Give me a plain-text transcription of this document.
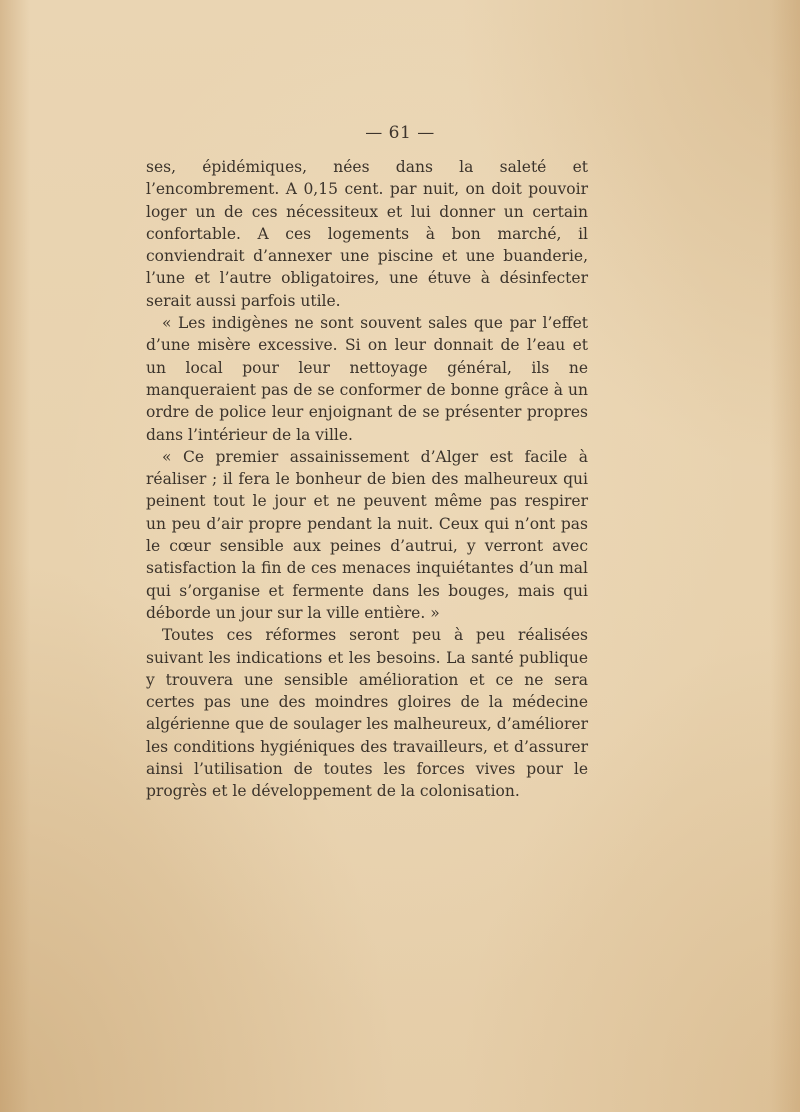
— 61 —

ses, épidémiques, nées dans la saleté et l’encombrement. A 0,15 cent. par nuit, on doit pouvoir loger un de ces nécessiteux et lui donner un certain confortable. A ces logements à bon marché, il conviendrait d’annexer une piscine et une buanderie, l’une et l’autre obligatoires, une étuve à désinfecter serait aussi parfois utile.

« Les indigènes ne sont souvent sales que par l’effet d’une misère excessive. Si on leur donnait de l’eau et un local pour leur nettoyage général, ils ne manqueraient pas de se conformer de bonne grâce à un ordre de police leur enjoignant de se présenter propres dans l’intérieur de la ville.

« Ce premier assainissement d’Alger est facile à réaliser ; il fera le bonheur de bien des malheureux qui peinent tout le jour et ne peuvent même pas respirer un peu d’air propre pendant la nuit. Ceux qui n’ont pas le cœur sensible aux peines d’autrui, y verront avec satisfaction la fin de ces menaces inquiétantes d’un mal qui s’organise et fermente dans les bouges, mais qui déborde un jour sur la ville entière. »

Toutes ces réformes seront peu à peu réalisées suivant les indications et les besoins. La santé publique y trouvera une sensible amélioration et ce ne sera certes pas une des moindres gloires de la médecine algérienne que de soulager les malheureux, d’améliorer les conditions hygiéniques des travailleurs, et d’assurer ainsi l’utilisation de toutes les forces vives pour le progrès et le développement de la colonisation.
